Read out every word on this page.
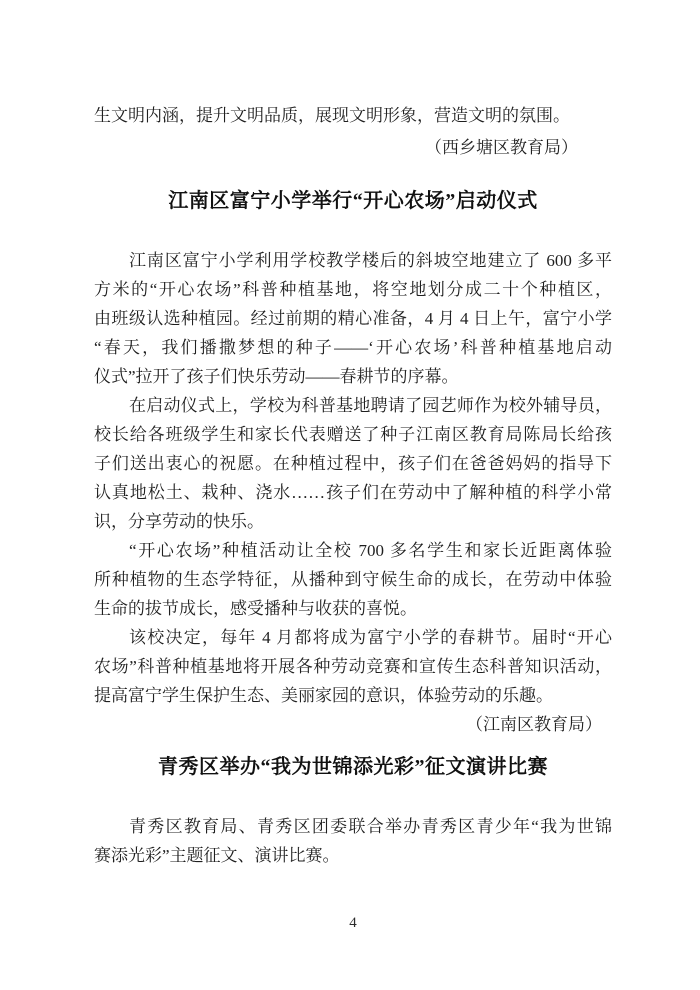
生文明内涵，提升文明品质，展现文明形象，营造文明的氛围。
（西乡塘区教育局）
江南区富宁小学举行“开心农场”启动仪式
江南区富宁小学利用学校教学楼后的斜坡空地建立了 600 多平
方米的“开心农场”科普种植基地，将空地划分成二十个种植区，
由班级认选种植园。经过前期的精心准备，4 月 4 日上午，富宁小学
“春天，我们播撒梦想的种子——‘开心农场’科普种植基地启动
仪式”拉开了孩子们快乐劳动——春耕节的序幕。
在启动仪式上，学校为科普基地聘请了园艺师作为校外辅导员，
校长给各班级学生和家长代表赠送了种子江南区教育局陈局长给孩
子们送出衷心的祝愿。在种植过程中，孩子们在爸爸妈妈的指导下
认真地松土、栽种、浇水……孩子们在劳动中了解种植的科学小常
识，分享劳动的快乐。
“开心农场”种植活动让全校 700 多名学生和家长近距离体验
所种植物的生态学特征，从播种到守候生命的成长，在劳动中体验
生命的拔节成长，感受播种与收获的喜悦。
该校决定，每年 4 月都将成为富宁小学的春耕节。届时“开心
农场”科普种植基地将开展各种劳动竞赛和宣传生态科普知识活动，
提高富宁学生保护生态、美丽家园的意识，体验劳动的乐趣。
（江南区教育局）
青秀区举办“我为世锦添光彩”征文演讲比赛
青秀区教育局、青秀区团委联合举办青秀区青少年“我为世锦
赛添光彩”主题征文、演讲比赛。
4
